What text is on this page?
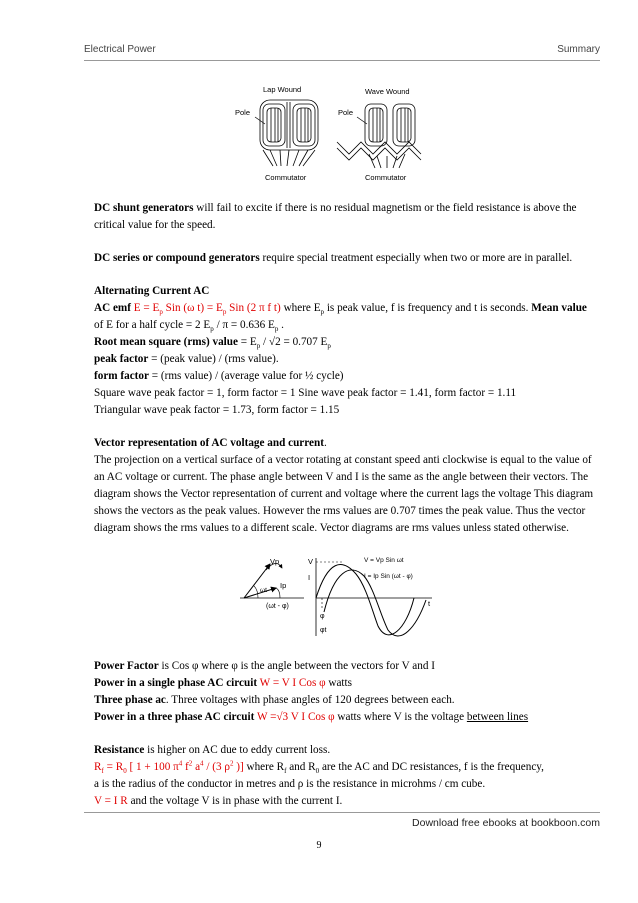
Electrical Power	Summary
Lap Wound	Wave Wound
Pole	Pole
Commutator	Commutator

DC shunt generators will fail to excite if there is no residual magnetism or the field resistance is above the critical value for the speed.

DC series or compound generators require special treatment especially when two or more are in parallel.

Alternating Current AC

AC emf $E = E_p$ Sin (ω $t) = E_p$ Sin (2 π f t) where $E_p$ is peak value, f is frequency and t is seconds. Mean value of E for a half cycle = 2 $E_p / \pi = 0.636$ $E_p$ .

Root mean square (rms) value = $E_p / √2 = 0.707$ $E_p$

peak factor = (peak value) / (rms value).

form factor = (rms value) / (average value for ½ cycle)

Square wave peak factor = 1, form factor = 1 Sine wave peak factor = 1.41, form factor = 1.11

Triangular wave peak factor = 1.73, form factor = 1.15

Vector representation of AC voltage and current.

The projection on a vertical surface of a vector rotating at constant speed anti clockwise is equal to the value of an AC voltage or current. The phase angle between V and I is the same as the angle between their vectors. The diagram shows the Vector representation of current and voltage where the current lags the voltage This diagram shows the vectors as the peak values. However the rms values are 0.707 times the peak value. Thus the vector diagram shows the rms values to a different scale. Vector diagrams are rms values unless stated otherwise.

Vp
Ip
ωt
(ωt - φ)
V
I
V = Vp Sin ωt
I = Ip Sin (ωt - φ)
t
φ
φt

Power Factor is Cos φ where φ is the angle between the vectors for V and I

Power in a single phase AC circuit W = V I Cos φ watts

Three phase ac. Three voltages with phase angles of 120 degrees between each.

Power in a three phase AC circuit W =√3 V I Cos φ watts where V is the voltage between lines

Resistance is higher on AC due to eddy current loss.

$R_f = R_0$ [ 1 + 100 $\pi^4$ $f^2$ $a^4 / (3$ $\rho^2$ )] where $R_f$ and $R_0$ are the AC and DC resistances, f is the frequency,

a is the radius of the conductor in metres and ρ is the resistance in microhms / cm cube.

V = I R and the voltage V is in phase with the current I.

Download free ebooks at bookboon.com
9
